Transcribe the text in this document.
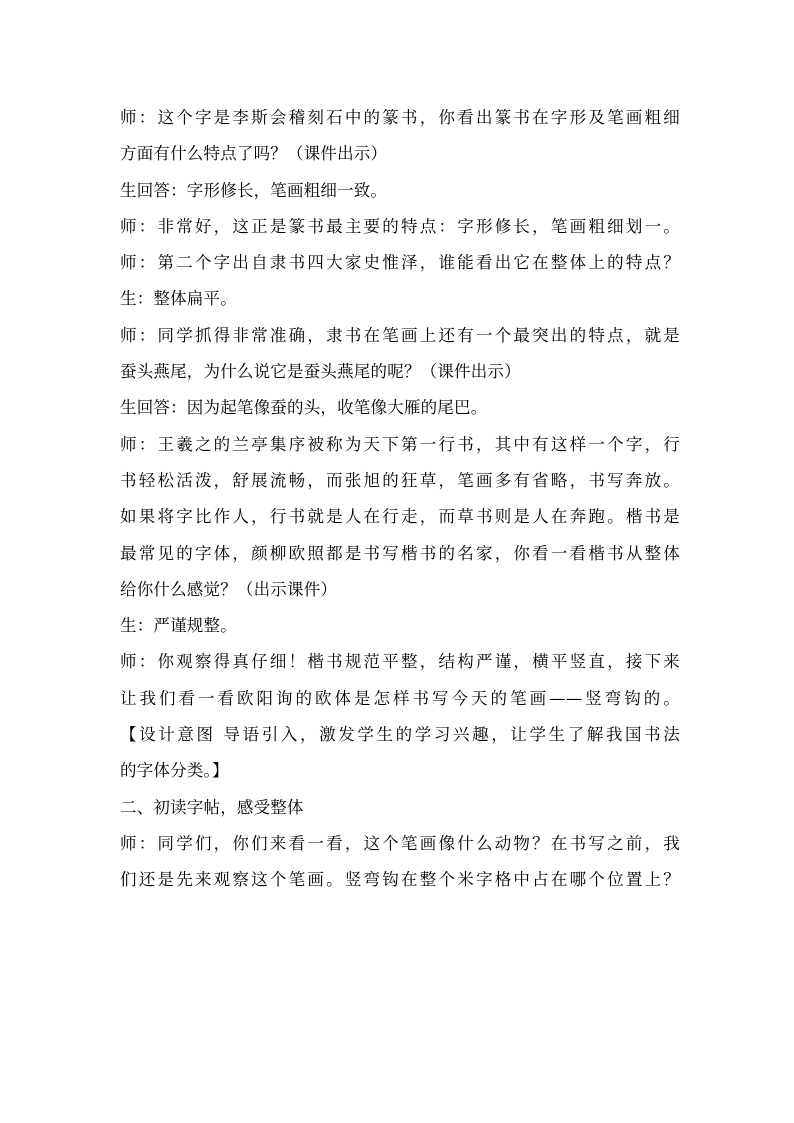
师：这个字是李斯会稽刻石中的篆书，你看出篆书在字形及笔画粗细
方面有什么特点了吗？（课件出示）
生回答：字形修长，笔画粗细一致。
师：非常好，这正是篆书最主要的特点：字形修长，笔画粗细划一。
师：第二个字出自隶书四大家史惟泽，谁能看出它在整体上的特点？
生：整体扁平。
师：同学抓得非常准确，隶书在笔画上还有一个最突出的特点，就是
蚕头燕尾，为什么说它是蚕头燕尾的呢？（课件出示）
生回答：因为起笔像蚕的头，收笔像大雁的尾巴。
师：王羲之的兰亭集序被称为天下第一行书，其中有这样一个字，行
书轻松活泼，舒展流畅，而张旭的狂草，笔画多有省略，书写奔放。
如果将字比作人，行书就是人在行走，而草书则是人在奔跑。楷书是
最常见的字体，颜柳欧照都是书写楷书的名家，你看一看楷书从整体
给你什么感觉？（出示课件）
生：严谨规整。
师：你观察得真仔细！楷书规范平整，结构严谨，横平竖直，接下来
让我们看一看欧阳询的欧体是怎样书写今天的笔画——竖弯钩的。
【设计意图 导语引入，激发学生的学习兴趣，让学生了解我国书法
的字体分类。】
二、初读字帖，感受整体
师：同学们，你们来看一看，这个笔画像什么动物？在书写之前，我
们还是先来观察这个笔画。竖弯钩在整个米字格中占在哪个位置上？
